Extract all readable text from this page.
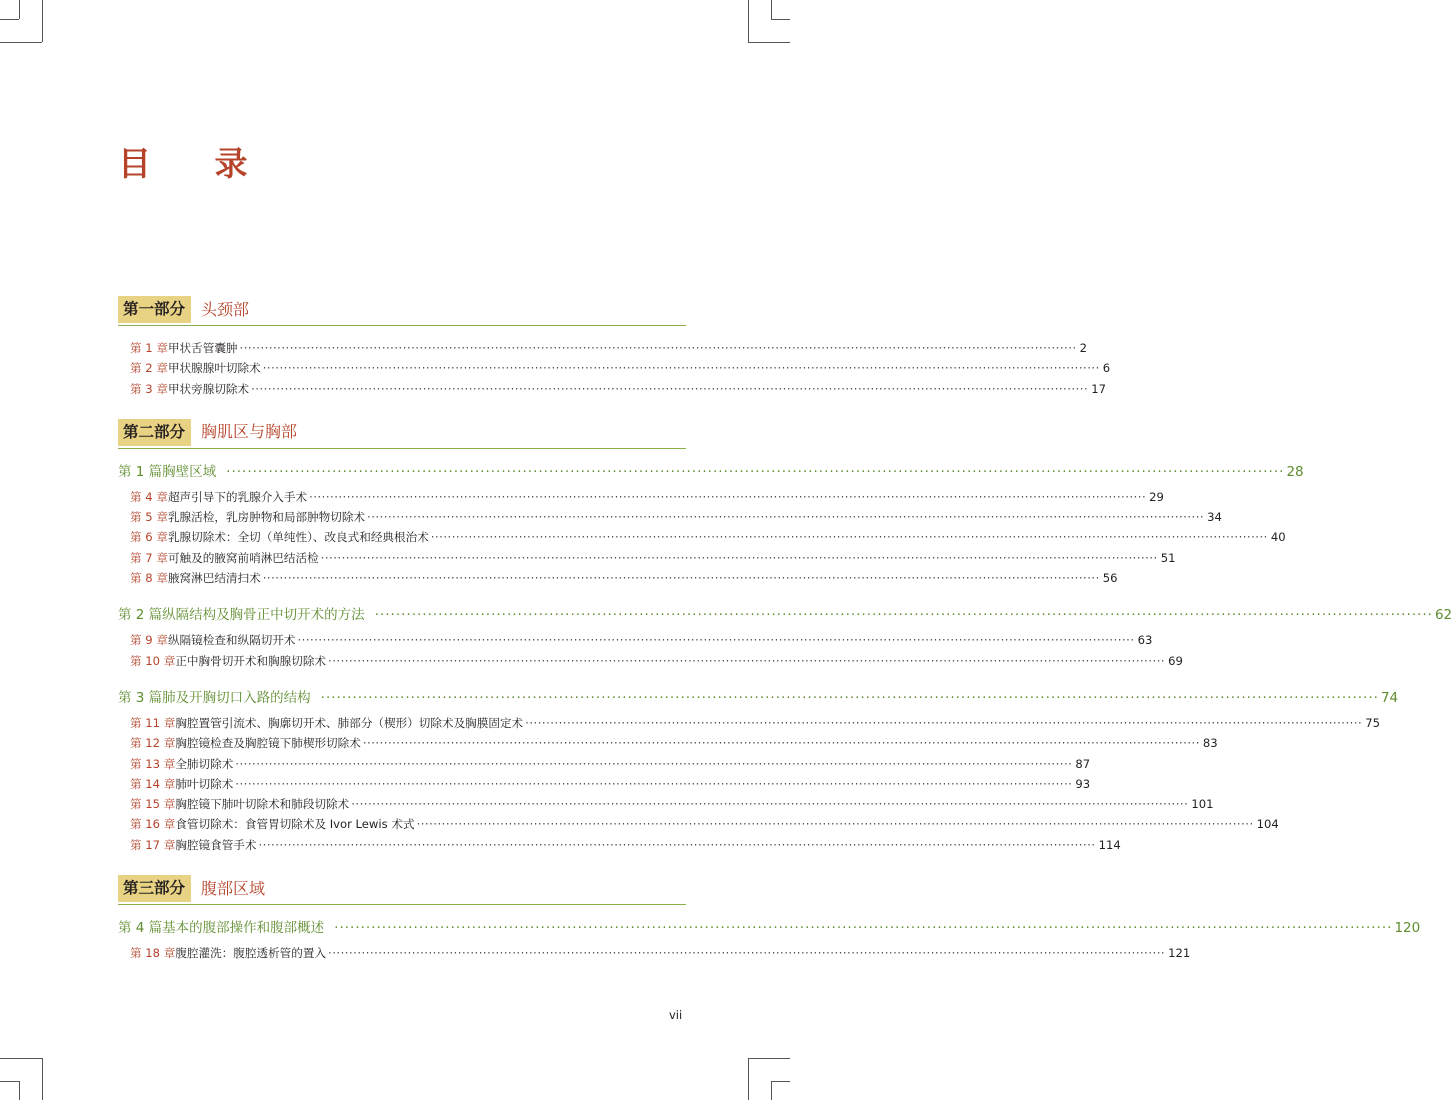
目 录
第一部分	头颈部
第 1 章 甲状舌管囊肿 ········································································································································································································ 2
第 2 章 甲状腺腺叶切除术 ········································································································································································································ 6
第 3 章 甲状旁腺切除术 ········································································································································································································ 17
第二部分	胸肌区与胸部
第 1 篇 胸壁区域 ········································································································································································································ 28
第 4 章 超声引导下的乳腺介入手术 ········································································································································································································ 29
第 5 章 乳腺活检，乳房肿物和局部肿物切除术 ········································································································································································································ 34
第 6 章 乳腺切除术：全切（单纯性）、改良式和经典根治术 ········································································································································································································ 40
第 7 章 可触及的腋窝前哨淋巴结活检 ········································································································································································································ 51
第 8 章 腋窝淋巴结清扫术 ········································································································································································································ 56
第 2 篇 纵隔结构及胸骨正中切开术的方法 ········································································································································································································ 62
第 9 章 纵隔镜检查和纵隔切开术 ········································································································································································································ 63
第 10 章 正中胸骨切开术和胸腺切除术 ········································································································································································································ 69
第 3 篇 肺及开胸切口入路的结构 ········································································································································································································ 74
第 11 章 胸腔置管引流术、胸廓切开术、肺部分（楔形）切除术及胸膜固定术 ········································································································································································································ 75
第 12 章 胸腔镜检查及胸腔镜下肺楔形切除术 ········································································································································································································ 83
第 13 章 全肺切除术 ········································································································································································································ 87
第 14 章 肺叶切除术 ········································································································································································································ 93
第 15 章 胸腔镜下肺叶切除术和肺段切除术 ········································································································································································································ 101
第 16 章 食管切除术：食管胃切除术及 Ivor Lewis 术式 ········································································································································································································ 104
第 17 章 胸腔镜食管手术 ········································································································································································································ 114
第三部分	腹部区域
第 4 篇 基本的腹部操作和腹部概述 ········································································································································································································ 120
第 18 章 腹腔灌洗：腹腔透析管的置入 ········································································································································································································ 121
vii
